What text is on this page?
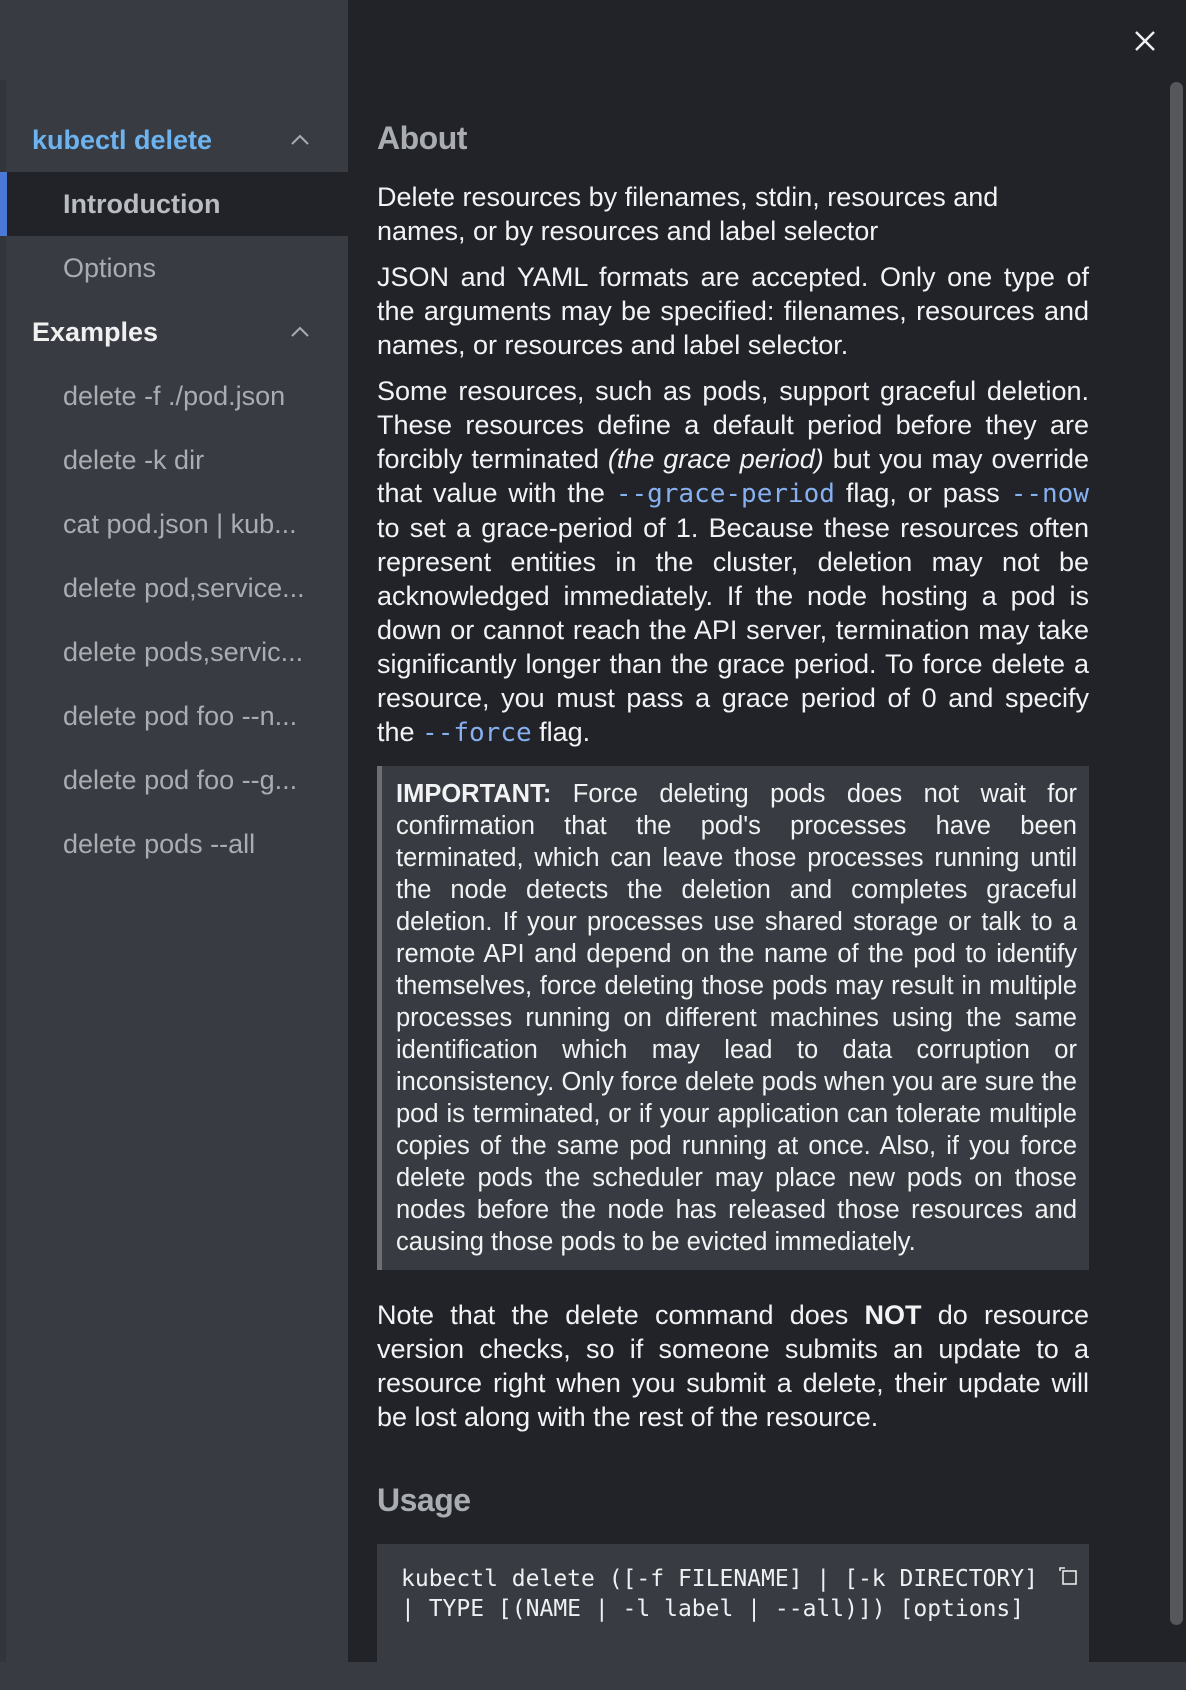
kubectl delete
Introduction
Options
Examples
delete -f ./pod.json
delete -k dir
cat pod.json | kub...
delete pod,service...
delete pods,servic...
delete pod foo --n...
delete pod foo --g...
delete pods --all
About

Delete resources by filenames, stdin, resources and names, or by resources and label selector

JSON and YAML formats are accepted. Only one type of the arguments may be specified: filenames, resources and names, or resources and label selector.

Some resources, such as pods, support graceful deletion. These resources define a default period before they are forcibly terminated (the grace period) but you may override that value with the --grace-period flag, or pass --now to set a grace-period of 1. Because these resources often represent entities in the cluster, deletion may not be acknowledged immediately. If the node hosting a pod is down or cannot reach the API server, termination may take significantly longer than the grace period. To force delete a resource, you must pass a grace period of 0 and specify the --force flag.

IMPORTANT: Force deleting pods does not wait for confirmation that the pod's processes have been terminated, which can leave those processes running until the node detects the deletion and completes graceful deletion. If your processes use shared storage or talk to a remote API and depend on the name of the pod to identify themselves, force deleting those pods may result in multiple processes running on different machines using the same identification which may lead to data corruption or inconsistency. Only force delete pods when you are sure the pod is terminated, or if your application can tolerate multiple copies of the same pod running at once. Also, if you force delete pods the scheduler may place new pods on those nodes before the node has released those resources and causing those pods to be evicted immediately.

Note that the delete command does NOT do resource version checks, so if someone submits an update to a resource right when you submit a delete, their update will be lost along with the rest of the resource.

Usage
kubectl delete ([-f FILENAME] | [-k DIRECTORY]
| TYPE [(NAME | -l label | --all)]) [options]
